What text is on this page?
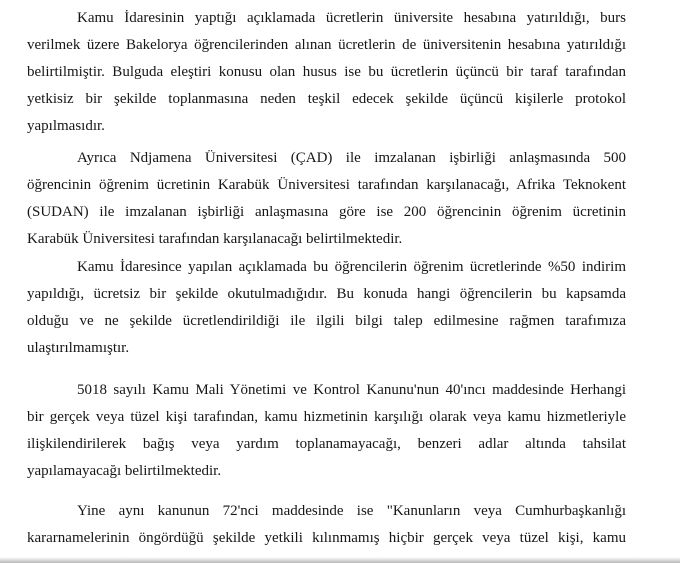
Kamu İdaresinin yaptığı açıklamada ücretlerin üniversite hesabına yatırıldığı, burs

verilmek üzere Bakelorya öğrencilerinden alınan ücretlerin de üniversitenin hesabına yatırıldığı

belirtilmiştir. Bulguda eleştiri konusu olan husus ise bu ücretlerin üçüncü bir taraf tarafından

yetkisiz bir şekilde toplanmasına neden teşkil edecek şekilde üçüncü kişilerle protokol

yapılmasıdır.

Ayrıca Ndjamena Üniversitesi (ÇAD) ile imzalanan işbirliği anlaşmasında 500

öğrencinin öğrenim ücretinin Karabük Üniversitesi tarafından karşılanacağı, Afrika Teknokent

(SUDAN) ile imzalanan işbirliği anlaşmasına göre ise 200 öğrencinin öğrenim ücretinin

Karabük Üniversitesi tarafından karşılanacağı belirtilmektedir.

Kamu İdaresince yapılan açıklamada bu öğrencilerin öğrenim ücretlerinde %50 indirim

yapıldığı, ücretsiz bir şekilde okutulmadığıdır. Bu konuda hangi öğrencilerin bu kapsamda

olduğu ve ne şekilde ücretlendirildiği ile ilgili bilgi talep edilmesine rağmen tarafımıza

ulaştırılmamıştır.

5018 sayılı Kamu Mali Yönetimi ve Kontrol Kanunu'nun 40'ıncı maddesinde Herhangi

bir gerçek veya tüzel kişi tarafından, kamu hizmetinin karşılığı olarak veya kamu hizmetleriyle

ilişkilendirilerek bağış veya yardım toplanamayacağı, benzeri adlar altında tahsilat

yapılamayacağı belirtilmektedir.

Yine aynı kanunun 72'nci maddesinde ise "Kanunların veya Cumhurbaşkanlığı

kararnamelerinin öngördüğü şekilde yetkili kılınmamış hiçbir gerçek veya tüzel kişi, kamu
